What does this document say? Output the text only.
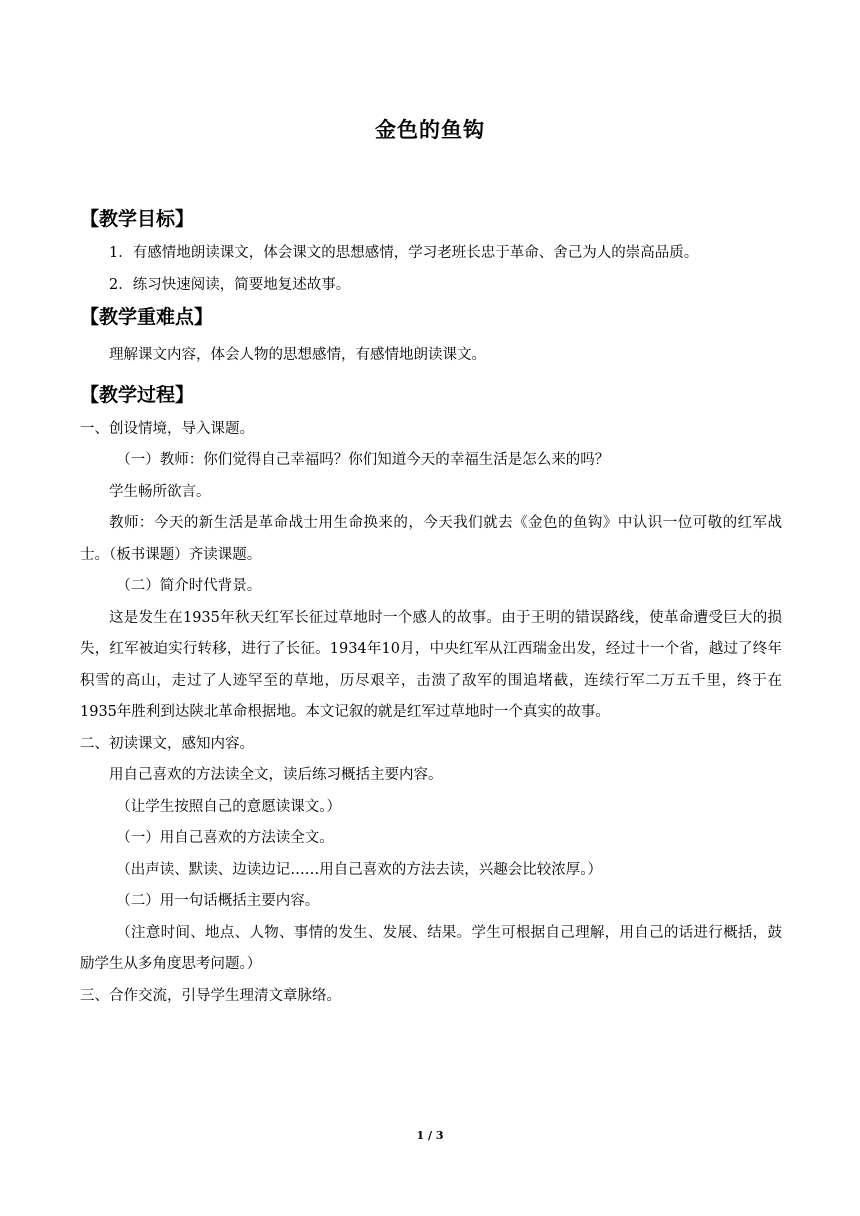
金色的鱼钩
【教学目标】

1．有感情地朗读课文，体会课文的思想感情，学习老班长忠于革命、舍己为人的崇高品质。

2．练习快速阅读，简要地复述故事。

【教学重难点】

理解课文内容，体会人物的思想感情，有感情地朗读课文。

【教学过程】

一、创设情境，导入课题。

（一）教师：你们觉得自己幸福吗？你们知道今天的幸福生活是怎么来的吗？

学生畅所欲言。

教师：今天的新生活是革命战士用生命换来的，今天我们就去《金色的鱼钩》中认识一位可敬的红军战士。（板书课题）齐读课题。

（二）简介时代背景。

这是发生在1935年秋天红军长征过草地时一个感人的故事。由于王明的错误路线，使革命遭受巨大的损失，红军被迫实行转移，进行了长征。1934年10月，中央红军从江西瑞金出发，经过十一个省，越过了终年积雪的高山，走过了人迹罕至的草地，历尽艰辛，击溃了敌军的围追堵截，连续行军二万五千里，终于在1935年胜利到达陕北革命根据地。本文记叙的就是红军过草地时一个真实的故事。

二、初读课文，感知内容。

用自己喜欢的方法读全文，读后练习概括主要内容。

（让学生按照自己的意愿读课文。）

（一）用自己喜欢的方法读全文。

（出声读、默读、边读边记……用自己喜欢的方法去读，兴趣会比较浓厚。）

（二）用一句话概括主要内容。

（注意时间、地点、人物、事情的发生、发展、结果。学生可根据自己理解，用自己的话进行概括，鼓励学生从多角度思考问题。）

三、合作交流，引导学生理清文章脉络。

1 / 3
